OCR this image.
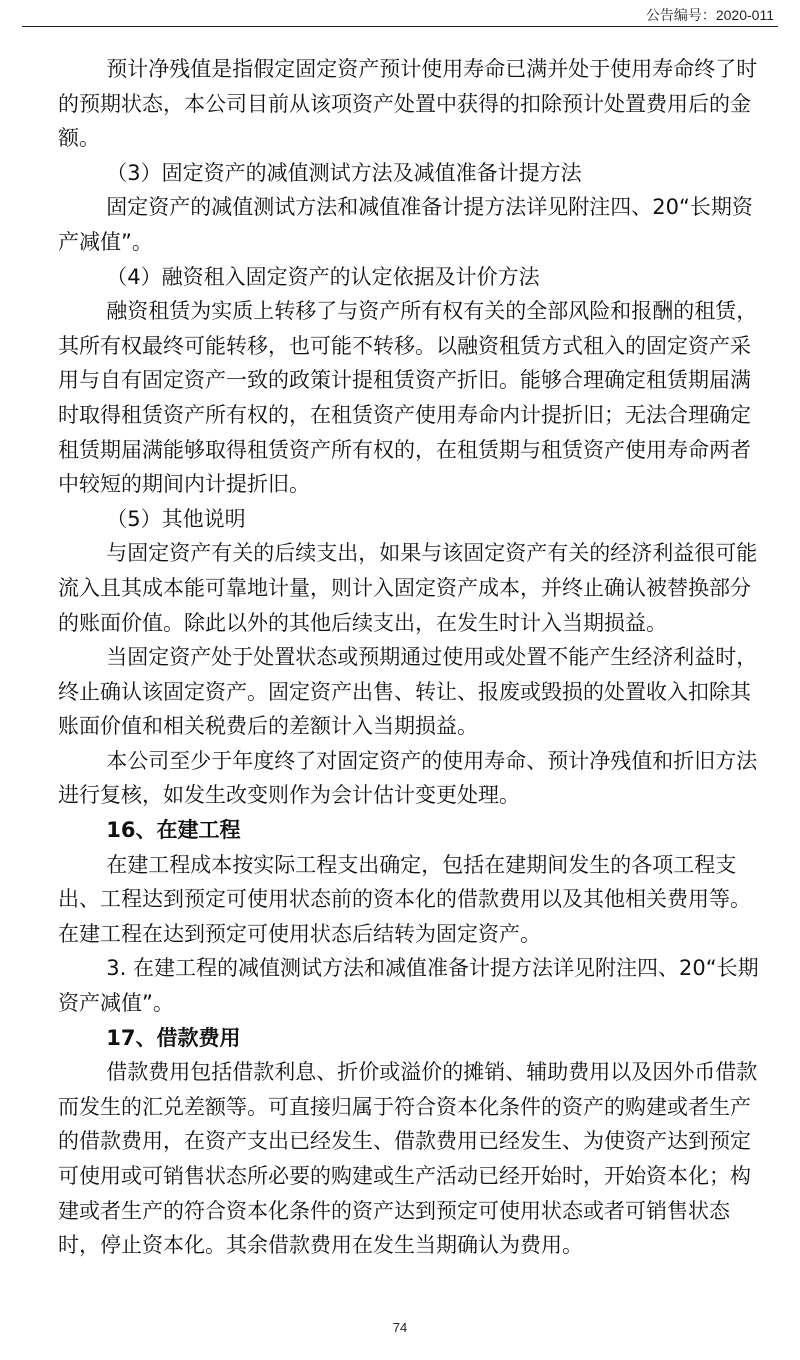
公告编号：2020-011

预计净残值是指假定固定资产预计使用寿命已满并处于使用寿命终了时的预期状态，本公司目前从该项资产处置中获得的扣除预计处置费用后的金额。

（3）固定资产的减值测试方法及减值准备计提方法

固定资产的减值测试方法和减值准备计提方法详见附注四、20“长期资产减值”。

（4）融资租入固定资产的认定依据及计价方法

融资租赁为实质上转移了与资产所有权有关的全部风险和报酬的租赁，其所有权最终可能转移，也可能不转移。以融资租赁方式租入的固定资产采用与自有固定资产一致的政策计提租赁资产折旧。能够合理确定租赁期届满时取得租赁资产所有权的，在租赁资产使用寿命内计提折旧；无法合理确定租赁期届满能够取得租赁资产所有权的，在租赁期与租赁资产使用寿命两者中较短的期间内计提折旧。

（5）其他说明

与固定资产有关的后续支出，如果与该固定资产有关的经济利益很可能流入且其成本能可靠地计量，则计入固定资产成本，并终止确认被替换部分的账面价值。除此以外的其他后续支出，在发生时计入当期损益。

当固定资产处于处置状态或预期通过使用或处置不能产生经济利益时，终止确认该固定资产。固定资产出售、转让、报废或毁损的处置收入扣除其账面价值和相关税费后的差额计入当期损益。

本公司至少于年度终了对固定资产的使用寿命、预计净残值和折旧方法进行复核，如发生改变则作为会计估计变更处理。

16、在建工程

在建工程成本按实际工程支出确定，包括在建期间发生的各项工程支出、工程达到预定可使用状态前的资本化的借款费用以及其他相关费用等。在建工程在达到预定可使用状态后结转为固定资产。

3. 在建工程的减值测试方法和减值准备计提方法详见附注四、20“长期资产减值”。

17、借款费用

借款费用包括借款利息、折价或溢价的摊销、辅助费用以及因外币借款而发生的汇兑差额等。可直接归属于符合资本化条件的资产的购建或者生产的借款费用，在资产支出已经发生、借款费用已经发生、为使资产达到预定可使用或可销售状态所必要的购建或生产活动已经开始时，开始资本化；构建或者生产的符合资本化条件的资产达到预定可使用状态或者可销售状态时，停止资本化。其余借款费用在发生当期确认为费用。

74
